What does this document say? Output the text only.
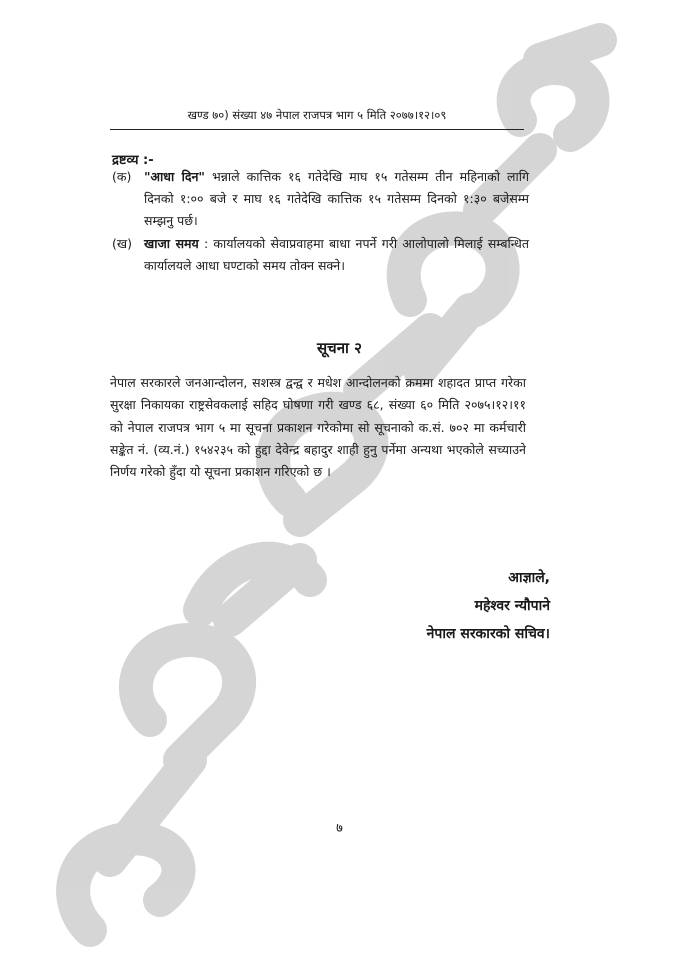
खण्ड ७०) संख्या ४७ नेपाल राजपत्र भाग ५ मिति २०७७।१२।०९
द्रष्टव्य :-
(क) "आधा दिन" भन्नाले कात्तिक १६ गतेदेखि माघ १५ गतेसम्म तीन महिनाको लागि दिनको १:०० बजे र माघ १६ गतेदेखि कात्तिक १५ गतेसम्म दिनको १:३० बजेसम्म सम्झनु पर्छ।
(ख) खाजा समय : कार्यालयको सेवाप्रवाहमा बाधा नपर्ने गरी आलोपालो मिलाई सम्बन्धित कार्यालयले आधा घण्टाको समय तोक्न सक्ने।
सूचना २
नेपाल सरकारले जनआन्दोलन, सशस्त्र द्वन्द्व र मधेश आन्दोलनको क्रममा शहादत प्राप्त गरेका सुरक्षा निकायका राष्ट्रसेवकलाई सहिद घोषणा गरी खण्ड ६८, संख्या ६० मिति २०७५।१२।११ को नेपाल राजपत्र भाग ५ मा सूचना प्रकाशन गरेकोमा सो सूचनाको क.सं. ७०२ मा कर्मचारी सङ्केत नं. (व्य.नं.) १५४२३५ को हुद्दा देवेन्द्र बहादुर शाही हुनु पर्नेमा अन्यथा भएकोले सच्याउने निर्णय गरेको हुँदा यो सूचना प्रकाशन गरिएको छ ।
आज्ञाले,
महेश्वर न्यौपाने
नेपाल सरकारको सचिव।
७
